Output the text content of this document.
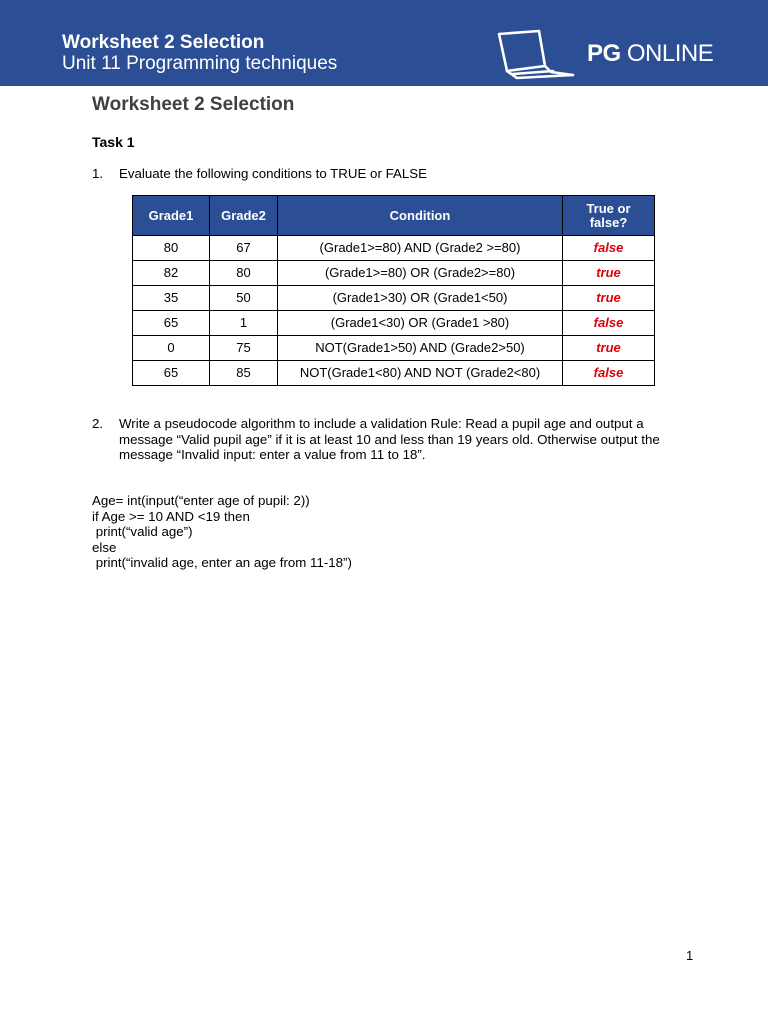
Worksheet 2 Selection
Unit 11 Programming techniques	PG ONLINE
Worksheet 2 Selection
Task 1
1. Evaluate the following conditions to TRUE or FALSE
Grade1	Grade2	Condition	True or false?
80	67	(Grade1>=80) AND (Grade2 >=80)	false
82	80	(Grade1>=80) OR (Grade2>=80)	true
35	50	(Grade1>30) OR (Grade1<50)	true
65	1	(Grade1<30) OR (Grade1 >80)	false
0	75	NOT(Grade1>50) AND (Grade2>50)	true
65	85	NOT(Grade1<80) AND NOT (Grade2<80)	false
2. Write a pseudocode algorithm to include a validation Rule: Read a pupil age and output a message “Valid pupil age” if it is at least 10 and less than 19 years old. Otherwise output the message “Invalid input: enter a value from 11 to 18”.
Age= int(input(“enter age of pupil: 2))
if Age >= 10 AND <19 then
print(“valid age”)
else
print(“invalid age, enter an age from 11-18”)
1
